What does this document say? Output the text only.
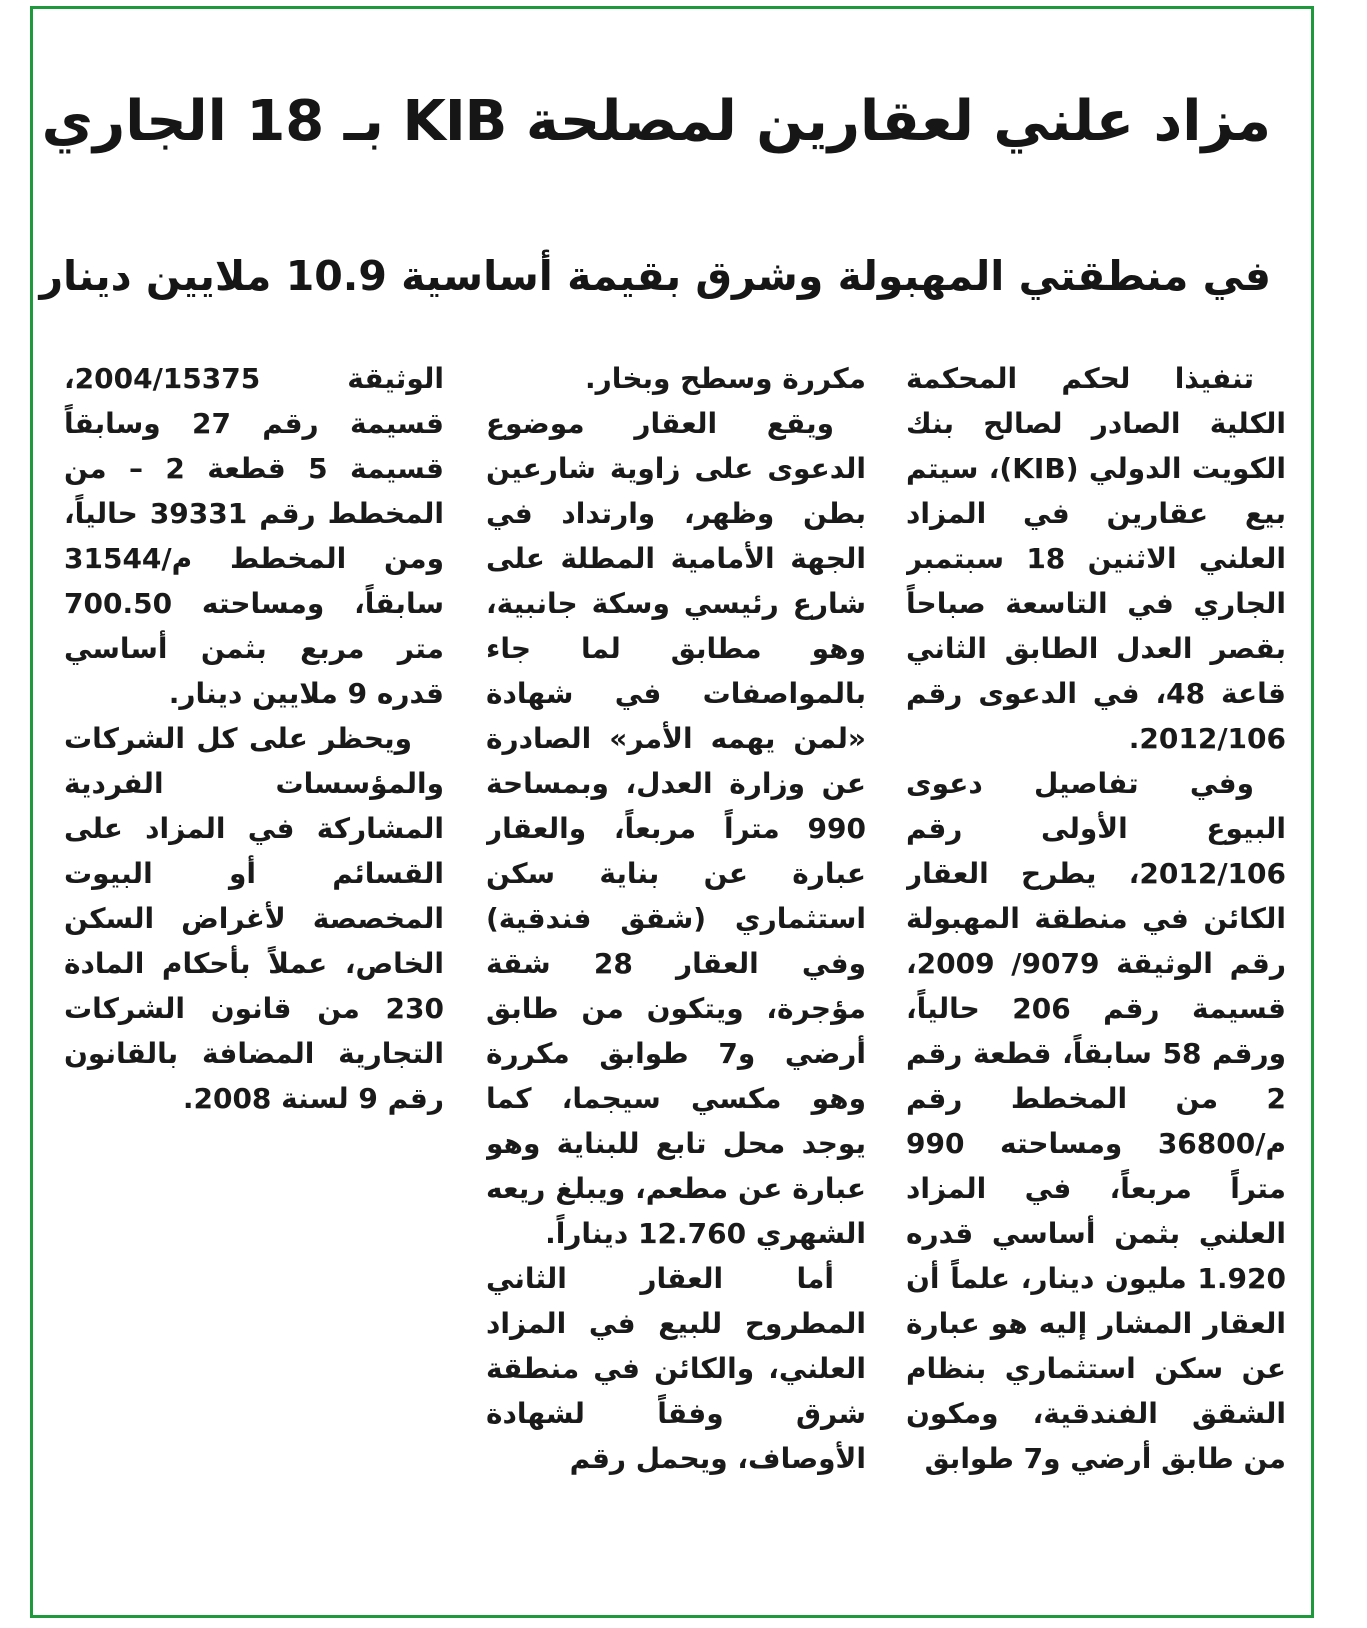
مزاد علني لعقارين لمصلحة KIB بـ 18 الجاري
في منطقتي المهبولة وشرق بقيمة أساسية 10.9 ملايين دينار

تنفيذا لحكم المحكمة الكلية الصادر لصالح بنك الكويت الدولي (KIB)، سيتم بيع عقارين في المزاد العلني الاثنين 18 سبتمبر الجاري في التاسعة صباحاً بقصر العدل الطابق الثاني قاعة 48، في الدعوى رقم 2012/106.

وفي تفاصيل دعوى البيوع الأولى رقم 2012/106، يطرح العقار الكائن في منطقة المهبولة رقم الوثيقة 9079/ 2009، قسيمة رقم 206 حالياً، ورقم 58 سابقاً، قطعة رقم 2 من المخطط رقم م/36800 ومساحته 990 متراً مربعاً، في المزاد العلني بثمن أساسي قدره 1.920 مليون دينار، علماً أن العقار المشار إليه هو عبارة عن سكن استثماري بنظام الشقق الفندقية، ومكون من طابق أرضي و7 طوابق

مكررة وسطح وبخار.

ويقع العقار موضوع الدعوى على زاوية شارعين بطن وظهر، وارتداد في الجهة الأمامية المطلة على شارع رئيسي وسكة جانبية، وهو مطابق لما جاء بالمواصفات في شهادة «لمن يهمه الأمر» الصادرة عن وزارة العدل، وبمساحة 990 متراً مربعاً، والعقار عبارة عن بناية سكن استثماري (شقق فندقية) وفي العقار 28 شقة مؤجرة، ويتكون من طابق أرضي و7 طوابق مكررة وهو مكسي سيجما، كما يوجد محل تابع للبناية وهو عبارة عن مطعم، ويبلغ ريعه الشهري 12.760 ديناراً.

أما العقار الثاني المطروح للبيع في المزاد العلني، والكائن في منطقة شرق وفقاً لشهادة الأوصاف، ويحمل رقم

الوثيقة 2004/15375، قسيمة رقم 27 وسابقاً قسيمة 5 قطعة 2 – من المخطط رقم 39331 حالياً، ومن المخطط م/31544 سابقاً، ومساحته 700.50 متر مربع بثمن أساسي قدره 9 ملايين دينار.

ويحظر على كل الشركات والمؤسسات الفردية المشاركة في المزاد على القسائم أو البيوت المخصصة لأغراض السكن الخاص، عملاً بأحكام المادة 230 من قانون الشركات التجارية المضافة بالقانون رقم 9 لسنة 2008.
